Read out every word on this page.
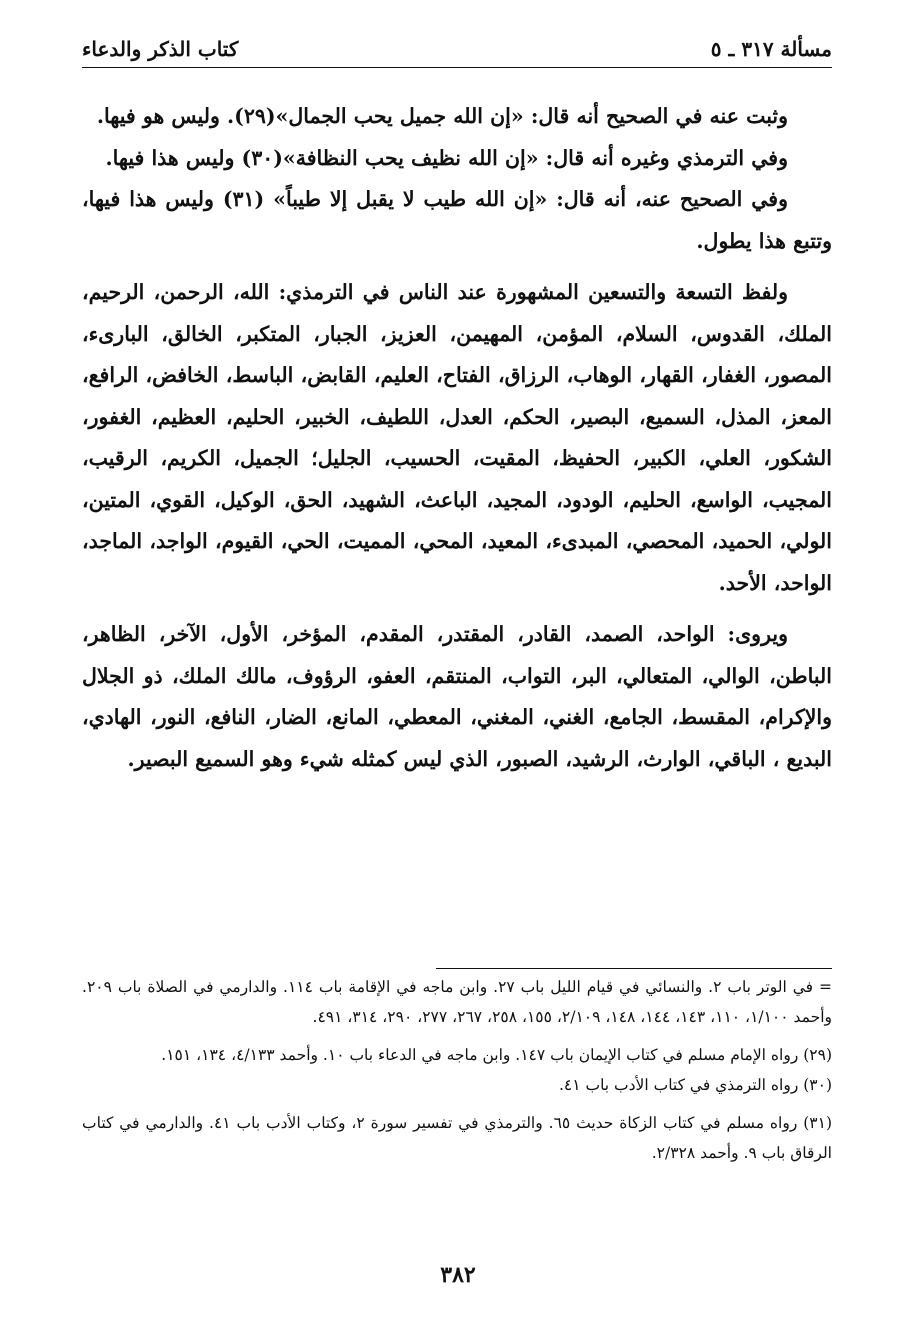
مسألة ٣١٧ ـ ٥
كتاب الذكر والدعاء

وثبت عنه في الصحيح أنه قال: «إن الله جميل يحب الجمال»(٢٩). وليس هو فيها.

وفي الترمذي وغيره أنه قال: «إن الله نظيف يحب النظافة»(٣٠) وليس هذا فيها.

وفي الصحيح عنه، أنه قال: «إن الله طيب لا يقبل إلا طيباً» (٣١) وليس هذا فيها، وتتبع هذا يطول.

ولفظ التسعة والتسعين المشهورة عند الناس في الترمذي: الله، الرحمن، الرحيم، الملك، القدوس، السلام، المؤمن، المهيمن، العزيز، الجبار، المتكبر، الخالق، البارىء، المصور، الغفار، القهار، الوهاب، الرزاق، الفتاح، العليم، القابض، الباسط، الخافض، الرافع، المعز، المذل، السميع، البصير، الحكم، العدل، اللطيف، الخبير، الحليم، العظيم، الغفور، الشكور، العلي، الكبير، الحفيظ، المقيت، الحسيب، الجليل؛ الجميل، الكريم، الرقيب، المجيب، الواسع، الحليم، الودود، المجيد، الباعث، الشهيد، الحق، الوكيل، القوي، المتين، الولي، الحميد، المحصي، المبدىء، المعيد، المحي، المميت، الحي، القيوم، الواجد، الماجد، الواحد، الأحد.

ويروى: الواحد، الصمد، القادر، المقتدر، المقدم، المؤخر، الأول، الآخر، الظاهر، الباطن، الوالي، المتعالي، البر، التواب، المنتقم، العفو، الرؤوف، مالك الملك، ذو الجلال والإكرام، المقسط، الجامع، الغني، المغني، المعطي، المانع، الضار، النافع، النور، الهادي، البديع ، الباقي، الوارث، الرشيد، الصبور، الذي ليس كمثله شيء وهو السميع البصير.

= في الوتر باب ٢. والنسائي في قيام الليل باب ٢٧. وابن ماجه في الإقامة باب ١١٤. والدارمي في الصلاة باب ٢٠٩. وأحمد ١/١٠٠، ١١٠، ١٤٣، ١٤٤، ١٤٨، ٢/١٠٩، ١٥٥، ٢٥٨، ٢٦٧، ٢٧٧، ٢٩٠، ٣١٤، ٤٩١.

(٢٩) رواه الإمام مسلم في كتاب الإيمان باب ١٤٧. وابن ماجه في الدعاء باب ١٠. وأحمد ٤/١٣٣، ١٣٤، ١٥١.

(٣٠) رواه الترمذي في كتاب الأدب باب ٤١.

(٣١) رواه مسلم في كتاب الزكاة حديث ٦٥. والترمذي في تفسير سورة ٢، وكتاب الأدب باب ٤١. والدارمي في كتاب الرقاق باب ٩. وأحمد ٢/٣٢٨.

٣٨٢
